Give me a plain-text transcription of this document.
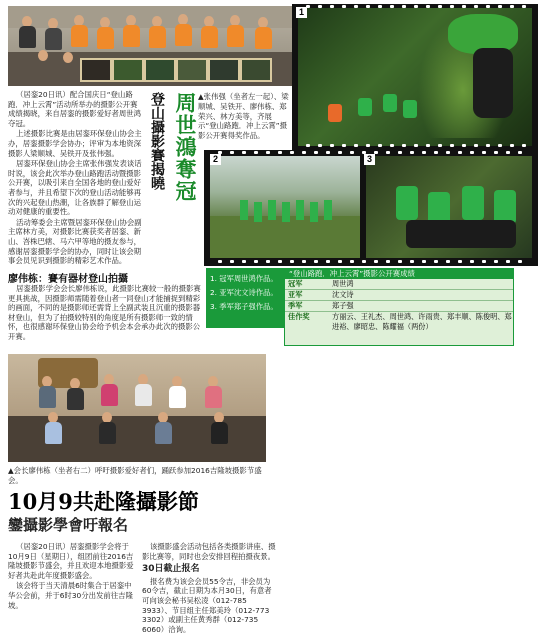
（居銮20日讯）配合国庆日“登山路跑．冲上云霄”活动所举办的摄影公开赛成绩揭晓，来自居銮的摄影爱好者周世鸿夺冠。

上述摄影比赛是由居銮环保登山协会主办，居銮摄影学会协办；评审为本地资深摄影人梁顺城、吴铁开及张伟强。

居銮环保登山协会主席张伟强发表谈话时说，该会此次举办登山路跑活动暨摄影公开赛，以吸引来自全国各地的登山爱好者参与，并且希望下次的登山活动能够再次的兴起登山热潮，让各族群了解登山运动对健康的重要性。

活动筹委会主席暨居銮环保登山协会副主席林方美，对摄影比赛获奖者居銮、新山、峇株巴辖、马六甲等地的摄友参与，感谢居銮摄影学会的协办，同时让该会期事会员见识到摄影的精彩艺术作品。

周世鴻奪冠
登山攝影賽揭曉	▲张伟强（坐者左一起）、梁顺城、吴铁开、廖伟栋、郑荣兴、林方美等，齐展示“登山路跑．冲上云霄”摄影公开赛得奖作品。
廖伟栋：賽有器材登山拍攝

居銮摄影学会会长廖伟栋说，此摄影比赛较一般的摄影赛更具挑战，因摄影师需随着登山者一同登山才能捕捉到精彩的画面，不同的是摄影师还需背上全副武装且沉重的摄影器材登山，但为了拍摄较特别的角度是所有摄影师一致的情怀，也很感谢环保登山协会给予机会本会承办此次的摄影公开赛。

1
2	3
1. 冠军周世鸿作品。
2. 亚军沈文诗作品。
3. 季军郑子强作品。
“登山路跑．冲上云霄”摄影公开赛成绩
冠军	周世鸿
亚军	沈文诗
季军	郑子强
佳作奖	方丽云、王礼杰、周世鸿、许雨贵、郑丰顺、陈俊明、郑进裕、廖昭忠、陈耀福（两份）
▲会长廖伟栋（坐者右二）呼吁摄影爱好者们，踊跃参加2016吉隆坡摄影节盛会。
10月9共赴隆攝影節
鑾攝影學會吁報名

（居銮20日讯）居銮摄影学会将于10月9日（星期日），组团前往2016吉隆坡摄影节盛会，并且欢迎本地摄影爱好者共赴此年度摄影盛会。

该会将于当天清晨6时集合于居銮中华公会前，并于6时30分出发前往吉隆坡。

该摄影盛会活动包括各类摄影讲座、摄影比赛等，同时也会安排回程拍摄夜景。

30日截止报名

报名费为该会会员55令吉，非会员为60令吉，截止日期为本月30日，有意者可向该会秘书吴松凌（012-785 3933）、节目组主任郑美玲（012-773 3302）或副主任黄秀群（012-735 6060）洽询。
